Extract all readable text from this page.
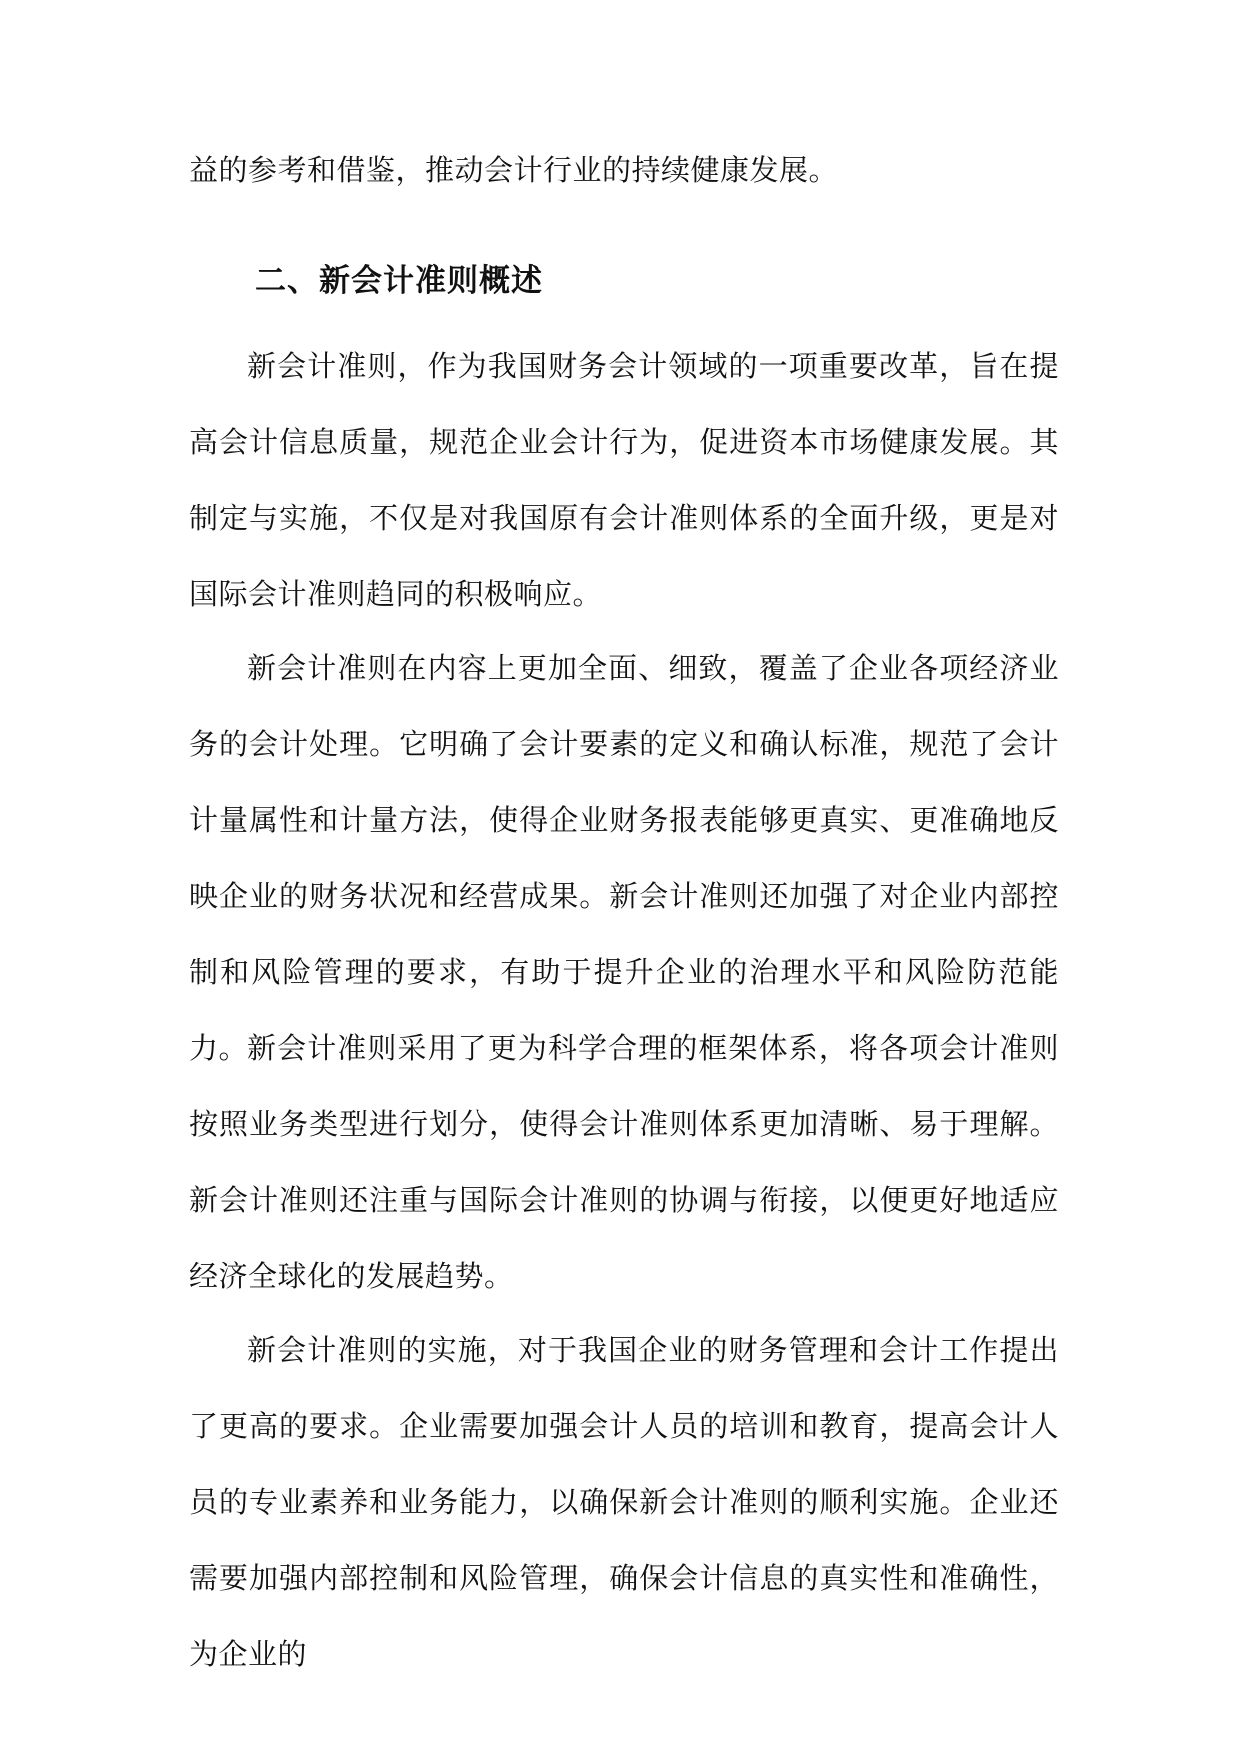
益的参考和借鉴，推动会计行业的持续健康发展。

二、新会计准则概述

新会计准则，作为我国财务会计领域的一项重要改革，旨在提高会计信息质量，规范企业会计行为，促进资本市场健康发展。其制定与实施，不仅是对我国原有会计准则体系的全面升级，更是对国际会计准则趋同的积极响应。

新会计准则在内容上更加全面、细致，覆盖了企业各项经济业务的会计处理。它明确了会计要素的定义和确认标准，规范了会计计量属性和计量方法，使得企业财务报表能够更真实、更准确地反映企业的财务状况和经营成果。新会计准则还加强了对企业内部控制和风险管理的要求，有助于提升企业的治理水平和风险防范能力。

新会计准则采用了更为科学合理的框架体系，将各项会计准则按照业务类型进行划分，使得会计准则体系更加清晰、易于理解。新会计准则还注重与国际会计准则的协调与衔接，以便更好地适应经济全球化的发展趋势。

新会计准则的实施，对于我国企业的财务管理和会计工作提出了更高的要求。企业需要加强会计人员的培训和教育，提高会计人员的专业素养和业务能力，以确保新会计准则的顺利实施。企业还需要加强内部控制和风险管理，确保会计信息的真实性和准确性，为企业的
